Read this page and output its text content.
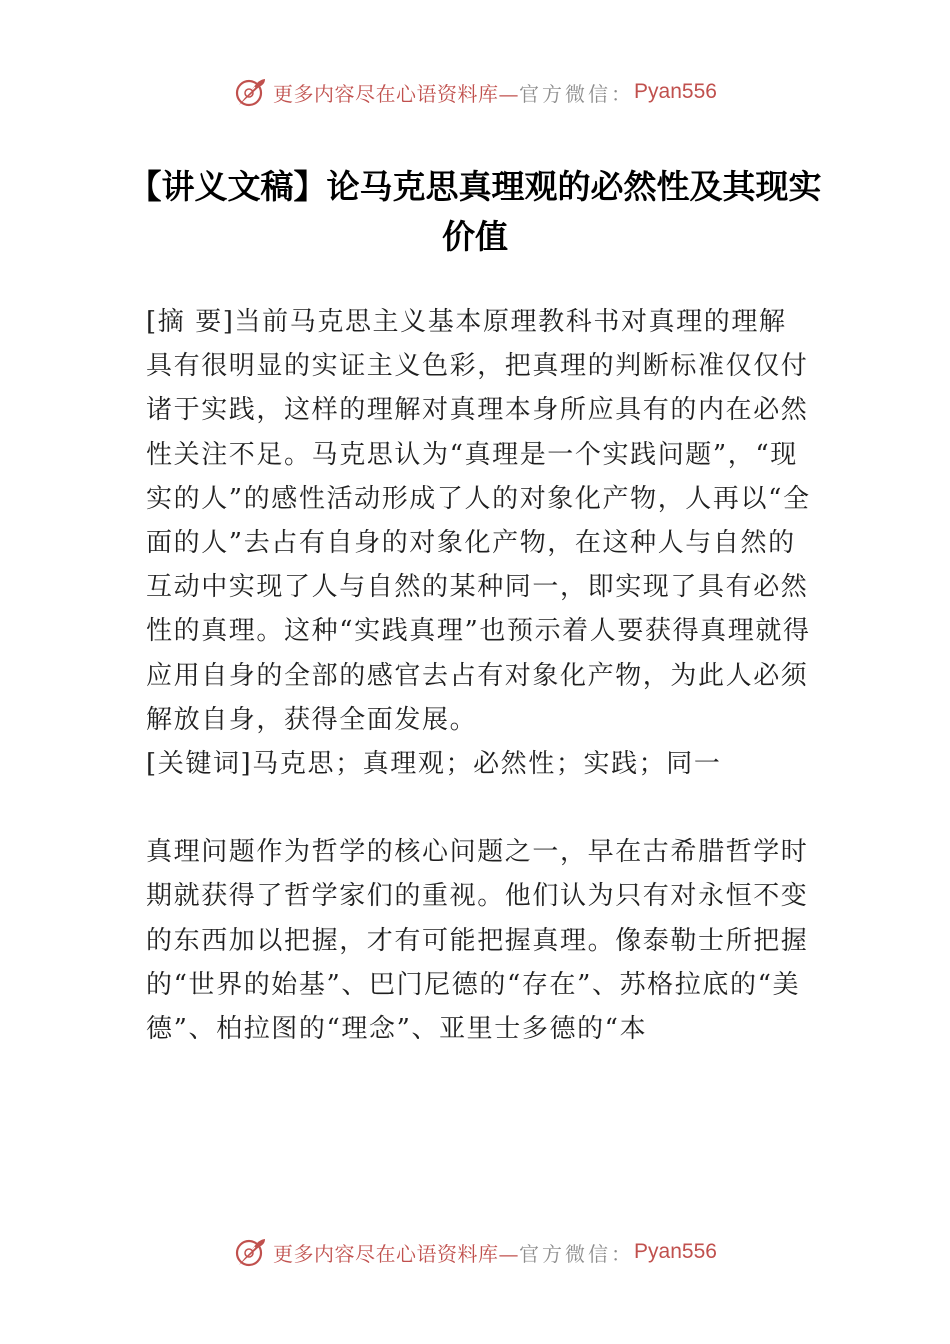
更多内容尽在心语资料库— 官方微信： Pyan556
【讲义文稿】论马克思真理观的必然性及其现实价值

[摘 要]当前马克思主义基本原理教科书对真理的理解具有很明显的实证主义色彩，把真理的判断标准仅仅付诸于实践，这样的理解对真理本身所应具有的内在必然性关注不足。马克思认为“真理是一个实践问题”，“现实的人”的感性活动形成了人的对象化产物，人再以“全面的人”去占有自身的对象化产物，在这种人与自然的互动中实现了人与自然的某种同一，即实现了具有必然性的真理。这种“实践真理”也预示着人要获得真理就得应用自身的全部的感官去占有对象化产物，为此人必须解放自身，获得全面发展。

[关键词]马克思；真理观；必然性；实践；同一

真理问题作为哲学的核心问题之一，早在古希腊哲学时期就获得了哲学家们的重视。他们认为只有对永恒不变的东西加以把握，才有可能把握真理。像泰勒士所把握的“世界的始基”、巴门尼德的“存在”、苏格拉底的“美德”、柏拉图的“理念”、亚里士多德的“本

更多内容尽在心语资料库— 官方微信： Pyan556
